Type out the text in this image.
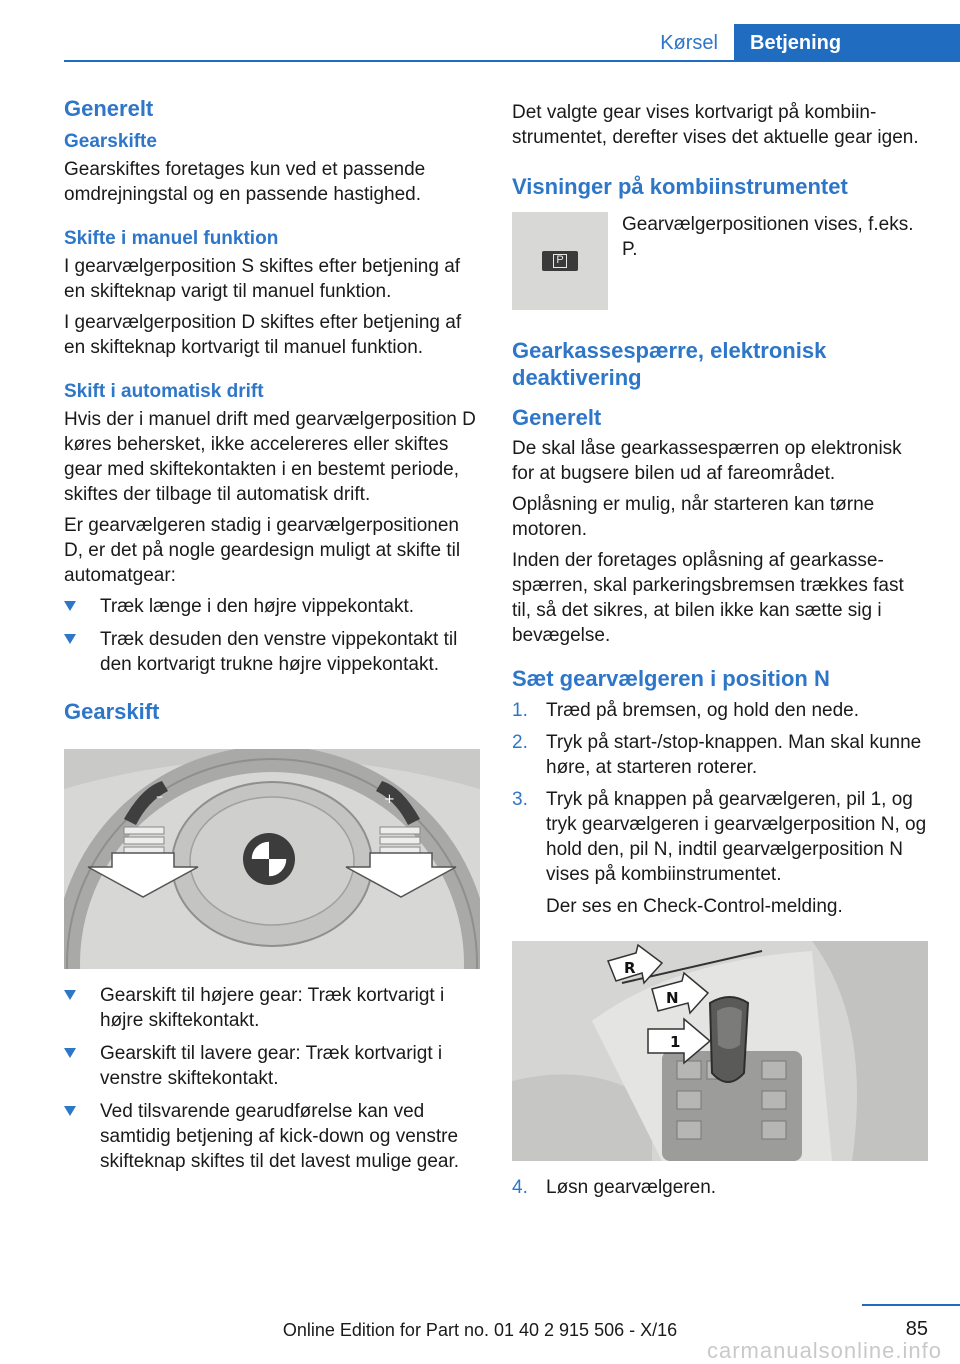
Kørsel	Betjening
Generelt
Gearskifte

Gearskiftes foretages kun ved et passende omdrejningstal og en passende hastighed.

Skifte i manuel funktion

I gearvælgerposition S skiftes efter betjening af en skifteknap varigt til manuel funktion.

I gearvælgerposition D skiftes efter betjening af en skifteknap kortvarigt til manuel funktion.

Skift i automatisk drift

Hvis der i manuel drift med gearvælgerposition D køres behersket, ikke accelereres eller skiftes gear med skiftekontakten i en bestemt periode, skiftes der tilbage til automatisk drift.

Er gearvælgeren stadig i gearvælgerpositionen D, er det på nogle geardesign muligt at skifte til automatgear:

Træk længe i den højre vippekontakt.
Træk desuden den venstre vippekontakt til den kortvarigt trukne højre vippekontakt.
Gearskift
–	+
Gearskift til højere gear: Træk kortvarigt i højre skiftekontakt.
Gearskift til lavere gear: Træk kortvarigt i venstre skiftekontakt.
Ved tilsvarende gearudførelse kan ved samtidig betjening af kick-down og venstre skifteknap skiftes til det lavest mulige gear.

Det valgte gear vises kortvarigt på kombiinstrumentet, derefter vises det aktuelle gear igen.

Visninger på kombiinstrumentet
P
Gearvælgerpositionen vises, f.eks. P.
Gearkassespærre, elektronisk deaktivering
Generelt

De skal låse gearkassespærren op elektronisk for at bugsere bilen ud af fareområdet.

Oplåsning er mulig, når starteren kan tørne motoren.

Inden der foretages oplåsning af gearkassespærren, skal parkeringsbremsen trækkes fast til, så det sikres, at bilen ikke kan sætte sig i bevægelse.

Sæt gearvælgeren i position N
1. Træd på bremsen, og hold den nede.
2. Tryk på start-/stop-knappen. Man skal kunne høre, at starteren roterer.
3. Tryk på knappen på gearvælgeren, pil 1, og tryk gearvælgeren i gearvælgerposition N, og hold den, pil N, indtil gearvælgerposition N vises på kombiinstrumentet.
Der ses en Check-Control-melding.
R
N
1
4. Løsn gearvælgeren.
Online Edition for Part no. 01 40 2 915 506 - X/16	85
carmanualsonline.info
